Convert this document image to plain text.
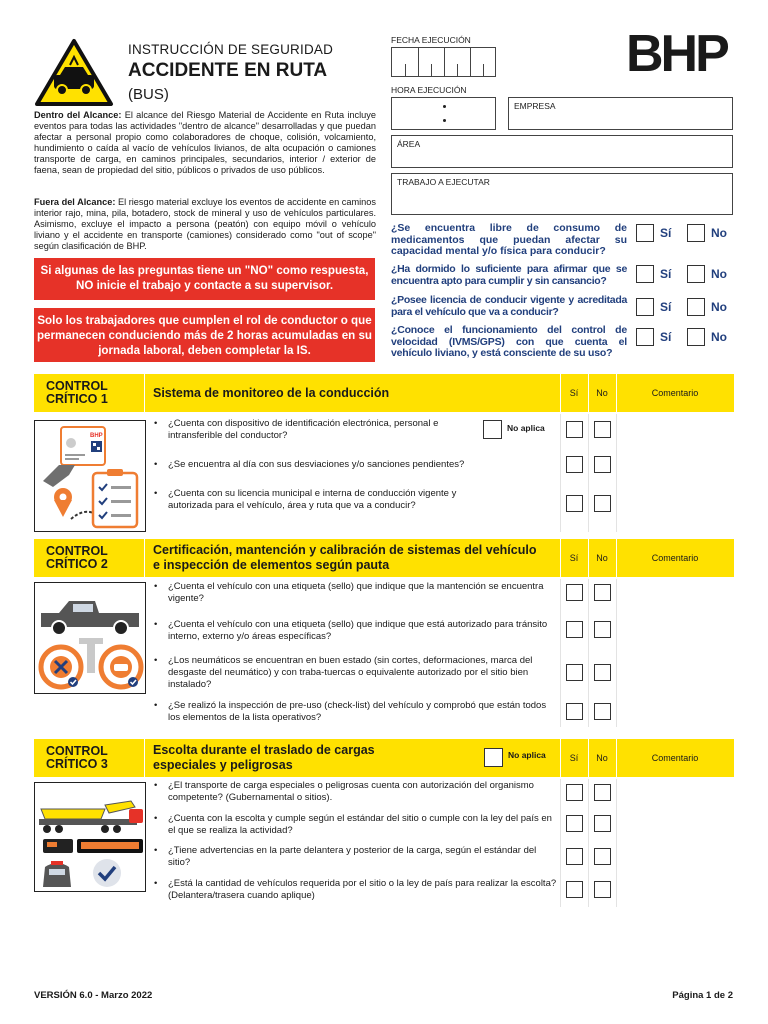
INSTRUCCIÓN DE SEGURIDAD
ACCIDENTE EN RUTA
(BUS)
BHP
Dentro del Alcance: El alcance del Riesgo Material de Accidente en Ruta incluye eventos para todas las actividades "dentro de alcance" desarrolladas y que puedan afectar a personal propio como colaboradores de choque, colisión, volcamiento, hundimiento o caída al vacío de vehículos livianos, de alta ocupación o camiones transporte de carga, en caminos principales, secundarios, interior / exterior de faena, sean de propiedad del sitio, públicos o privados de uso públicos.
Fuera del Alcance: El riesgo material excluye los eventos de accidente en caminos interior rajo, mina, pila, botadero, stock de mineral y uso de vehículos particulares. Asimismo, excluye el impacto a persona (peatón) con equipo móvil o vehículo liviano y el accidente en transporte (camiones) considerado como "out of scope" según clasificación de BHP.
Si algunas de las preguntas tiene un "NO" como respuesta, NO inicie el trabajo y contacte a su supervisor.
Solo los trabajadores que cumplen el rol de conductor o que permanecen conduciendo más de 2 horas acumuladas en su jornada laboral, deben completar la IS.
FECHA EJECUCIÓN
HORA EJECUCIÓN
EMPRESA
ÁREA
TRABAJO A EJECUTAR
¿Se encuentra libre de consumo de medicamentos que puedan afectar su capacidad mental y/o física para conducir?
Sí	No
¿Ha dormido lo suficiente para afirmar que se encuentra apto para cumplir y sin cansancio?	Sí	No
¿Posee licencia de conducir vigente y acreditada para el vehículo que va a conducir?	Sí	No
¿Conoce el funcionamiento del control de velocidad (IVMS/GPS) con que cuenta el vehículo liviano, y está consciente de su uso?
Sí	No
CONTROL
CRÍTICO 1	Sistema de monitoreo de la conducción	Sí	No	Comentario
BHP
• ¿Cuenta con dispositivo de identificación electrónica, personal e intransferible del conductor?
No aplica
• ¿Se encuentra al día con sus desviaciones y/o sanciones pendientes?
• ¿Cuenta con su licencia municipal e interna de conducción vigente y autorizada para el vehículo, área y ruta que va a conducir?
CONTROL
CRÍTICO 2
Certificación, mantención y calibración de sistemas del vehículo e inspección de elementos según pauta	Sí	No	Comentario
• ¿Cuenta el vehículo con una etiqueta (sello) que indique que la mantención se encuentra vigente?
• ¿Cuenta el vehículo con una etiqueta (sello) que indique que está autorizado para tránsito interno, externo y/o áreas específicas?
• ¿Los neumáticos se encuentran en buen estado (sin cortes, deformaciones, marca del desgaste del neumático) y con traba-tuercas o equivalente autorizado por el sitio bien instalado?
• ¿Se realizó la inspección de pre-uso (check-list) del vehículo y comprobó que están todos los elementos de la lista operativos?
CONTROL
CRÍTICO 3
Escolta durante el traslado de cargas especiales y peligrosas
No aplica	Sí	No	Comentario
• ¿El transporte de carga especiales o peligrosas cuenta con autorización del organismo competente? (Gubernamental o sitios).
• ¿Cuenta con la escolta y cumple según el estándar del sitio o cumple con la ley del país en el que se realiza la actividad?
• ¿Tiene advertencias en la parte delantera y posterior de la carga, según el estándar del sitio?
• ¿Está la cantidad de vehículos requerida por el sitio o la ley de país para realizar la escolta? (Delantera/trasera cuando aplique)
VERSIÓN 6.0 - Marzo 2022	Página 1 de 2
